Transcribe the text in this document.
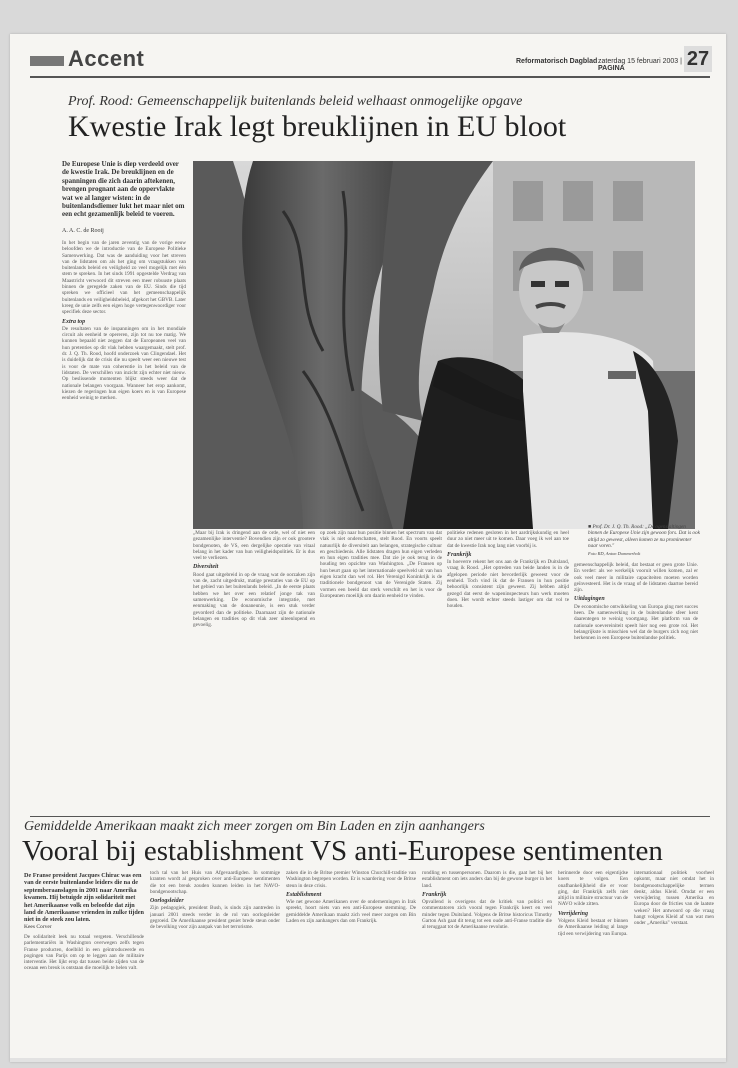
Accent	Reformatorisch Dagblad zaterdag 15 februari 2003 | PAGINA	27
Prof. Rood: Gemeenschappelijk buitenlands beleid welhaast onmogelijke opgave
Kwestie Irak legt breuklijnen in EU bloot
De Europese Unie is diep verdeeld over de kwestie Irak. De breuklijnen en de spanningen die zich daarin aftekenen, brengen prognant aan de oppervlakte wat we al langer wisten: in de buitenlandsdiemer lukt het maar niet om een echt gezamenlijk beleid te voeren.
A. A. C. de Rooij
In het begin van de jaren zeventig van de vorige eeuw beloofden we de introductie van de Europese Politieke Samenwerking. Dat was de aanduiding voor het streven van de lidstaten om als het ging om vraagstukken van buitenlands beleid en veiligheid zo veel mogelijk met één stem te spreken. In het sinds 1991 opgestelde Verdrag van Maastricht verwoord dit streven een meer robuuste plaats binnen de geregelde zaken van de EU. Sinds die tijd spreken we officieel van het gemeenschappelijk buitenlands en veiligheidsbeleid, afgekort het GBVB. Later kreeg de unie zelfs een eigen hoge vertegenwoordiger voor specifiek deze sector.
Extra top
De resultaten van de inspanningen om in het mondiale circuit als eenheid te opereren, zijn tot nu toe matig. We kunnen bepaald niet zeggen dat de Europeanen veel van hun pretenties op dit vlak hebben waargemaakt, stelt prof. dr. J. Q. Th. Rood, hoofd onderzoek van Clingendael. Het is duidelijk dat de crisis die nu speelt weer een nieuwe test is voor de mate van coherentie in het beleid van de lidstaten. De verschillen van inzicht zijn echter niet nieuw. Op beslissende momenten blijkt steeds weer dat de nationale belangen voorgaan. Wanneer het erop aankomt, kiezen de regeringen hun eigen koers en is van Europese eenheid weinig te merken.
„Maar bij Irak is dringend aan de orde, wel of niet een gezamenlijke interventie? Bovendien zijn er ook grootere bondgenoten, de VS, een dergelijke operatie van vitaal belang in het kader van hun veiligheidspolitiek. Er is dus veel te verliezen.
Diversiteit
Rood gaat uitgebreid in op de vraag wat de oorzaken zijn van de, zacht uitgedrukt, matige prestaties van de EU op het gebied van het buitenlands beleid. „In de eerste plaats hebben we het over een relatief jonge tak van samenwerking. De economische integratie, met eenmaking van de douaneunie, is een stuk verder gevorderd dan de politieke. Daarnaast zijn de nationale belangen en tradities op dit vlak zeer uiteenlopend en gevoelig.
op zoek zijn naar hun positie binnen het spectrum van dat vlak is niet onderschatten, stelt Rood. En voorts speelt natuurlijk de diversiteit aan belangen, strategische cultuur en geschiedenis. Alle lidstaten dragen hun eigen verleden en hun eigen tradities mee. Dat zie je ook terug in de houding ten opzichte van Washington. „De Fransen op hun beurt gaan op het internationale speelveld uit van hun eigen kracht dan wel rol. Het Verenigd Koninkrijk is de traditionele bondgenoot van de Verenigde Staten. Zij vormen een beeld dat sterk verschilt en het is voor de Europeanen moeilijk om daarin eenheid te vinden.
politieke redenen gesloten in het aardrijkskundig en heel duur zo niet meer uit te komen. Daar voeg ik wel aan toe dat de kwestie Irak nog lang niet voorbij is.
Frankrijk
In hoeverre rekent het ons aan de Frankrijk en Duitsland, vraag ik Rood. „Het optreden van beide landen is in de afgelopen periode niet bevorderlijk geweest voor de eenheid. Toch vind ik dat de Fransen in hun positie behoorlijk consistent zijn geweest. Zij hebben altijd gezegd dat eerst de wapeninspecteurs hun werk moeten doen. Het wordt echter steeds lastiger om dat vol te houden.
■ Prof. Dr. J. Q. Th. Rood: „De ogenstaltingen binnen de Europese Unie zijn gewoon fors. Dat is ook altijd zo geweest, alleen komen ze nu prominenter naar voren."
Foto RD, Anton Dommerholt
gemeenschappelijk beleid, dat bestaat er geen grote Unie. En verder: als we werkelijk vooruit willen komen, zal er ook veel meer in militaire capaciteiten moeten worden geïnvesteerd. Het is de vraag of de lidstaten daartoe bereid zijn.
Uitdagingen
De economische ontwikkeling van Europa ging met succes heen. De samenwerking in de buitenlandse sfeer kent daarentegen te weinig voortgang. Het platform van de nationale soevereiniteit speelt hier nog een grote rol. Het belangrijkste is misschien wel dat de burgers zich nog niet herkennen in een Europese buitenlandse politiek.
Gemiddelde Amerikaan maakt zich meer zorgen om Bin Laden en zijn aanhangers
Vooral bij establishment VS anti-Europese sentimenten
De Franse president Jacques Chirac was een van de eerste buitenlandse leiders die na de septemberaanslagen in 2001 naar Amerika kwamen. Hij betuigde zijn solidariteit met het Amerikaanse volk en beloofde dat zijn land de Amerikaanse vrienden in zulke tijden niet in de steek zou laten.
Kees Corver
De solidariteit leek nu totaal vergeten. Verschillende parlementariërs in Washington overwegen zelfs tegen Franse producten, doelbild in een geïntroduceerde en pogingen van Parijs om op te leggen aan de militaire interventie. Het lijkt erop dat tussen beide zijden van de oceaan een breuk is ontstaan die moeilijk te helen valt.
toch tal van het Huis van Afgevaardigden. In sommige kranten wordt al gesproken over anti-Europese sentimenten die tot een breuk zouden kunnen leiden in het NAVO-bondgenootschap.
Oorlogsleider
Zijn pedagogiek, president Bush, is sinds zijn aantreden in januari 2001 steeds verder in de rol van oorlogsleider gegroeid. De Amerikaanse president geniet brede steun onder de bevolking voor zijn aanpak van het terrorisme.
zaken die in de Britse premier Winston Churchill-traditie van Washington begrepen worden. Er is waardering voor de Britse steun in deze crisis.
Establishment
Wie net gewone Amerikanen over de ondernemingen in Irak spreekt, hoort niets van een anti-Europese stemming. De gemiddelde Amerikaan maakt zich veel meer zorgen om Bin Laden en zijn aanhangers dan om Frankrijk.
rondling en tussenpersonen. Daarom is die, gaat het bij het establishment om iets anders dan bij de gewone burger in het land.
Frankrijk
Opvallend is overigens dat de kritiek van politici en commentatoren zich vooral tegen Frankrijk keert en veel minder tegen Duitsland. Volgens de Britse historicus Timothy Garton Ash gaat dit terug tot een oude anti-Franse traditie die al teruggaat tot de Amerikaanse revolutie.
herinnerde door een eigentijdse koers te volgen. Een onafhankelijkheid die er voor ging, dat Frankrijk zelfs niet altijd in militaire structuur van de NAVO wilde zitten.
Verrijdering
Volgens Kleid bestaat er binnen de Amerikaanse leiding al lange tijd een verwijdering van Europa.
internationaal politiek voorheel opkomt, maar niet omdat het in bondgenootschappelijke termen denkt, aldus Kleid. Omdat er een verwijdering tussen Amerika en Europa door de fricties van de laatste weken? Het antwoord op die vraag hangt volgens Kleid af van wat men onder „Amerika" verstaat.
